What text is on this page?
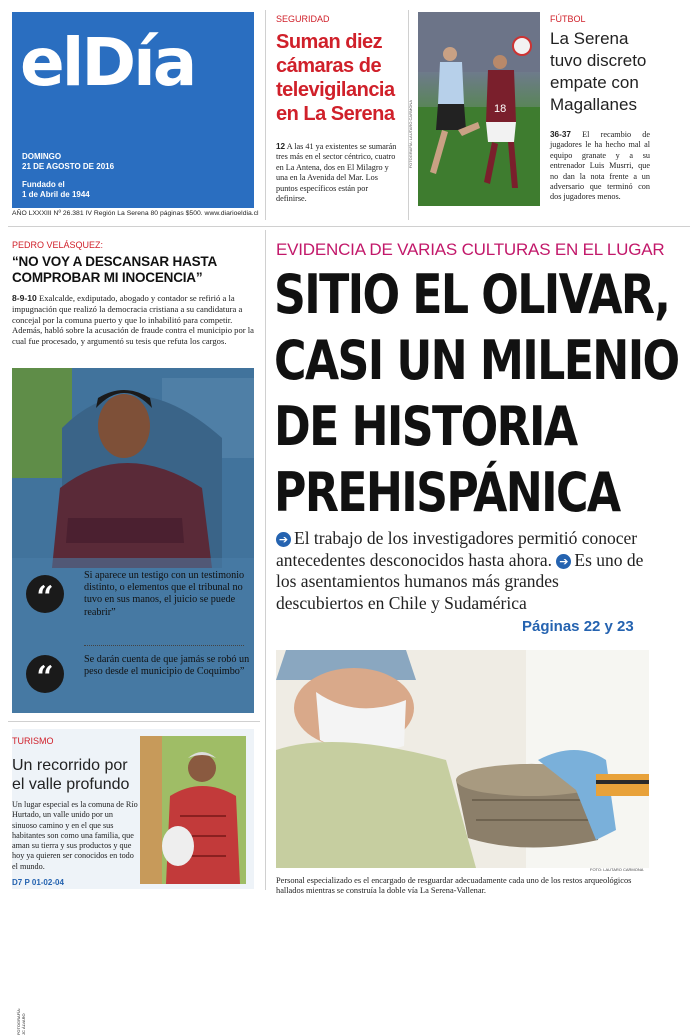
elDía
DOMINGO
21 DE AGOSTO DE 2016
Fundado el
1 de Abril de 1944
AÑO LXXXIII Nº 26.381 IV Región La Serena 80 páginas $500. www.diarioeldia.cl
SEGURIDAD
Suman diez cámaras de televigilancia en La Serena
12 A las 41 ya existentes se sumarán tres más en el sector céntrico, cuatro en La Antena, dos en El Milagro y una en la Avenida del Mar. Los puntos específicos están por definirse.
18
FOTOGRAFÍA: LAUTARO CARMONA
FÚTBOL
La Serena tuvo discreto empate con Magallanes
36-37 El recambio de jugadores le ha hecho mal al equipo granate y a su entrenador Luis Musrri, que no dan la nota frente a un adversario que terminó con dos jugadores menos.
PEDRO VELÁSQUEZ:
“NO VOY A DESCANSAR HASTA COMPROBAR MI INOCENCIA”
8-9-10 Exalcalde, exdiputado, abogado y contador se refirió a la impugnación que realizó la democracia cristiana a su candidatura a concejal por la comuna puerto y que lo inhabilitó para competir. Además, habló sobre la acusación de fraude contra el municipio por la cual fue procesado, y argumentó su tesis que refuta los cargos.
FOTOGRAFÍA: JC ÁLVARO
“
Si aparece un testigo con un testimonio distinto, o elementos que el tribunal no tuvo en sus manos, el juicio se puede reabrir”
“
Se darán cuenta de que jamás se robó un peso desde el municipio de Coquimbo”
TURISMO
Un recorrido por el valle profundo
Un lugar especial es la comuna de Río Hurtado, un valle unido por un sinuoso camino y en el que sus habitantes son como una familia, que aman su tierra y sus productos y que hoy ya quieren ser conocidos en todo el mundo.
D7 P 01-02-04
EVIDENCIA DE VARIAS CULTURAS EN EL LUGAR
SITIO EL OLIVAR,
CASI UN MILENIO
DE HISTORIA
PREHISPÁNICA
➔ El trabajo de los investigadores permitió conocer antecedentes desconocidos hasta ahora. ➔ Es uno de los asentamientos humanos más grandes descubiertos en Chile y Sudamérica
Páginas 22 y 23
FOTO: LAUTARO CARMONA
Personal especializado es el encargado de resguardar adecuadamente cada uno de los restos arqueológicos hallados mientras se construía la doble vía La Serena-Vallenar.
